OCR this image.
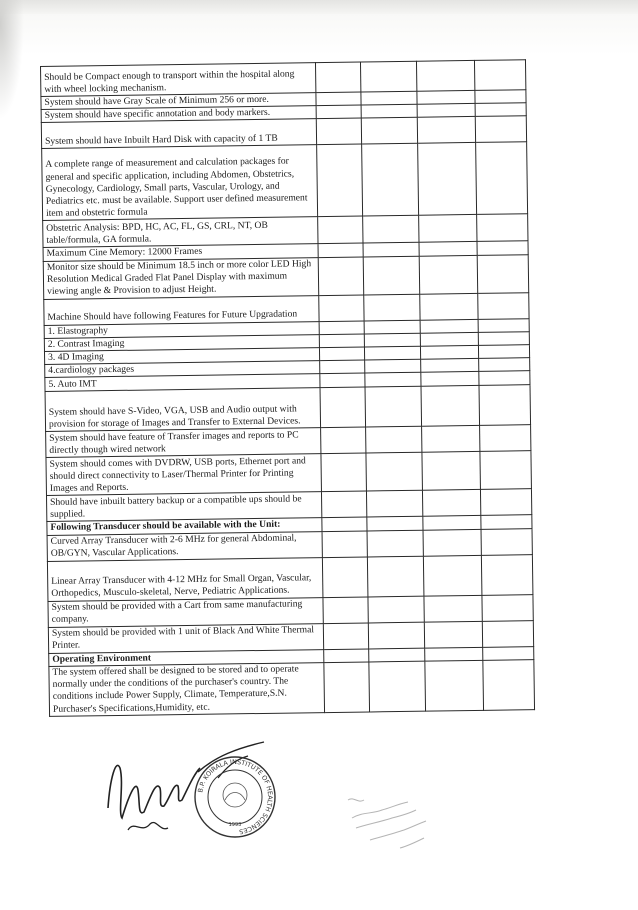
Should be Compact enough to transport within the hospital along with wheel locking mechanism.				
System should have Gray Scale of Minimum 256 or more.				
System should have specific annotation and body markers.				
System should have Inbuilt Hard Disk with capacity of 1 TB				
A complete range of measurement and calculation packages for general and specific application, including Abdomen, Obstetrics, Gynecology, Cardiology, Small parts, Vascular, Urology, and Pediatrics etc. must be available. Support user defined measurement item and obstetric formula				
Obstetric Analysis: BPD, HC, AC, FL, GS, CRL, NT, OB table/formula, GA formula.				
Maximum Cine Memory: 12000 Frames				
Monitor size should be Minimum 18.5 inch or more color LED High Resolution Medical Graded Flat Panel Display with maximum viewing angle & Provision to adjust Height.				
Machine Should have following Features for Future Upgradation				
1. Elastography				
2. Contrast Imaging				
3. 4D Imaging				
4.cardiology packages				
5. Auto IMT				
System should have S-Video, VGA, USB and Audio output with provision for storage of Images and Transfer to External Devices.				
System should have feature of Transfer images and reports to PC directly though wired network				
System should comes with DVDRW, USB ports, Ethernet port and should direct connectivity to Laser/Thermal Printer for Printing Images and Reports.				
Should have inbuilt battery backup or a compatible ups should be supplied.				
Following Transducer should be available with the Unit:				
Curved Array Transducer with 2-6 MHz for general Abdominal, OB/GYN, Vascular Applications.				
Linear Array Transducer with 4-12 MHz for Small Organ, Vascular, Orthopedics, Musculo-skeletal, Nerve, Pediatric Applications.				
System should be provided with a Cart from same manufacturing company.				
System should be provided with 1 unit of Black And White Thermal Printer.				
Operating Environment				
The system offered shall be designed to be stored and to operate normally under the conditions of the purchaser's country. The conditions include Power Supply, Climate, Temperature,S.N. Purchaser's Specifications,Humidity, etc.				
B.P. KOIRALA INSTITUTE OF HEALTH SCIENCES
1993
